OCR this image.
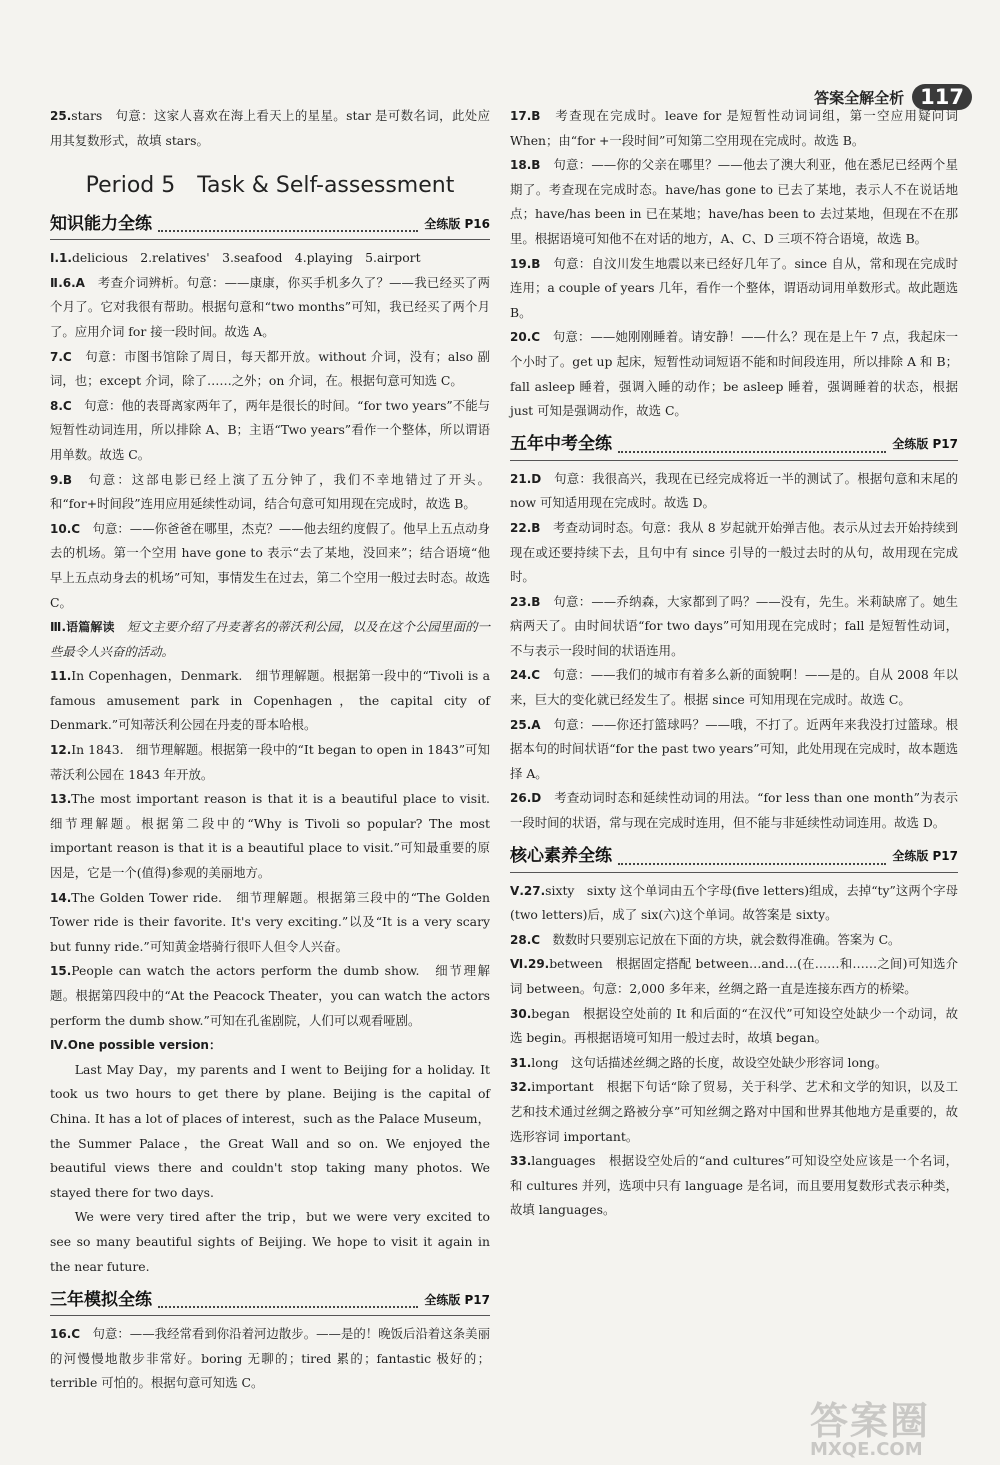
答案全解全析 117

25.stars　句意：这家人喜欢在海上看天上的星星。star 是可数名词，此处应用其复数形式，故填 stars。

Period 5　Task & Self-assessment
知识能力全练	全练版 P16

Ⅰ.1.delicious　2.relatives'　3.seafood　4.playing　5.airport

Ⅱ.6.A　考查介词辨析。句意：——康康，你买手机多久了？——我已经买了两个月了。它对我很有帮助。根据句意和“two months”可知，我已经买了两个月了。应用介词 for 接一段时间。故选 A。

7.C　句意：市图书馆除了周日，每天都开放。without 介词，没有；also 副词，也；except 介词，除了……之外；on 介词，在。根据句意可知选 C。

8.C　句意：他的表哥离家两年了，两年是很长的时间。“for two years”不能与短暂性动词连用，所以排除 A、B；主语“Two years”看作一个整体，所以谓语用单数。故选 C。

9.B　句意：这部电影已经上演了五分钟了，我们不幸地错过了开头。和“for+时间段”连用应用延续性动词，结合句意可知用现在完成时，故选 B。

10.C　句意：——你爸爸在哪里，杰克？——他去纽约度假了。他早上五点动身去的机场。第一个空用 have gone to 表示“去了某地，没回来”；结合语境“他早上五点动身去的机场”可知，事情发生在过去，第二个空用一般过去时态。故选 C。

Ⅲ.语篇解读　短文主要介绍了丹麦著名的蒂沃利公园，以及在这个公园里面的一些最令人兴奋的活动。

11.In Copenhagen，Denmark.　细节理解题。根据第一段中的“Tivoli is a famous amusement park in Copenhagen，the capital city of Denmark.”可知蒂沃利公园在丹麦的哥本哈根。

12.In 1843.　细节理解题。根据第一段中的“It began to open in 1843”可知蒂沃利公园在 1843 年开放。

13.The most important reason is that it is a beautiful place to visit.　细节理解题。根据第二段中的“Why is Tivoli so popular? The most important reason is that it is a beautiful place to visit.”可知最重要的原因是，它是一个(值得)参观的美丽地方。

14.The Golden Tower ride.　细节理解题。根据第三段中的“The Golden Tower ride is their favorite. It's very exciting.”以及“It is a very scary but funny ride.”可知黄金塔骑行很吓人但令人兴奋。

15.People can watch the actors perform the dumb show.　细节理解题。根据第四段中的“At the Peacock Theater，you can watch the actors perform the dumb show.”可知在孔雀剧院，人们可以观看哑剧。

Ⅳ.One possible version：

Last May Day，my parents and I went to Beijing for a holiday. It took us two hours to get there by plane. Beijing is the capital of China. It has a lot of places of interest，such as the Palace Museum，the Summer Palace，the Great Wall and so on. We enjoyed the beautiful views there and couldn't stop taking many photos. We stayed there for two days.

We were very tired after the trip，but we were very excited to see so many beautiful sights of Beijing. We hope to visit it again in the near future.

三年模拟全练	全练版 P17

16.C　句意：——我经常看到你沿着河边散步。——是的！晚饭后沿着这条美丽的河慢慢地散步非常好。boring 无聊的；tired 累的；fantastic 极好的；terrible 可怕的。根据句意可知选 C。

17.B　考查现在完成时。leave for 是短暂性动词词组，第一空应用疑问词 When；由“for +一段时间”可知第二空用现在完成时。故选 B。

18.B　句意：——你的父亲在哪里？——他去了澳大利亚，他在悉尼已经两个星期了。考查现在完成时态。have/has gone to 已去了某地，表示人不在说话地点；have/has been in 已在某地；have/has been to 去过某地，但现在不在那里。根据语境可知他不在对话的地方，A、C、D 三项不符合语境，故选 B。

19.B　句意：自汶川发生地震以来已经好几年了。since 自从，常和现在完成时连用；a couple of years 几年，看作一个整体，谓语动词用单数形式。故此题选 B。

20.C　句意：——她刚刚睡着。请安静！——什么？现在是上午 7 点，我起床一个小时了。get up 起床，短暂性动词短语不能和时间段连用，所以排除 A 和 B；fall asleep 睡着，强调入睡的动作；be asleep 睡着，强调睡着的状态，根据 just 可知是强调动作，故选 C。

五年中考全练	全练版 P17

21.D　句意：我很高兴，我现在已经完成将近一半的测试了。根据句意和末尾的 now 可知适用现在完成时。故选 D。

22.B　考查动词时态。句意：我从 8 岁起就开始弹吉他。表示从过去开始持续到现在或还要持续下去，且句中有 since 引导的一般过去时的从句，故用现在完成时。

23.B　句意：——乔纳森，大家都到了吗？——没有，先生。米莉缺席了。她生病两天了。由时间状语“for two days”可知用现在完成时；fall 是短暂性动词，不与表示一段时间的状语连用。

24.C　句意：——我们的城市有着多么新的面貌啊！——是的。自从 2008 年以来，巨大的变化就已经发生了。根据 since 可知用现在完成时。故选 C。

25.A　句意：——你还打篮球吗？——哦，不打了。近两年来我没打过篮球。根据本句的时间状语“for the past two years”可知，此处用现在完成时，故本题选择 A。

26.D　考查动词时态和延续性动词的用法。“for less than one month”为表示一段时间的状语，常与现在完成时连用，但不能与非延续性动词连用。故选 D。

核心素养全练	全练版 P17

Ⅴ.27.sixty　sixty 这个单词由五个字母(five letters)组成，去掉“ty”这两个字母(two letters)后，成了 six(六)这个单词。故答案是 sixty。

28.C　数数时只要别忘记放在下面的方块，就会数得准确。答案为 C。

Ⅵ.29.between　根据固定搭配 between…and…(在……和……之间)可知选介词 between。句意：2,000 多年来，丝绸之路一直是连接东西方的桥梁。

30.began　根据设空处前的 It 和后面的“在汉代”可知设空处缺少一个动词，故选 begin。再根据语境可知用一般过去时，故填 began。

31.long　这句话描述丝绸之路的长度，故设空处缺少形容词 long。

32.important　根据下句话“除了贸易，关于科学、艺术和文学的知识，以及工艺和技术通过丝绸之路被分享”可知丝绸之路对中国和世界其他地方是重要的，故选形容词 important。

33.languages　根据设空处后的“and cultures”可知设空处应该是一个名词，和 cultures 并列，选项中只有 language 是名词，而且要用复数形式表示种类，故填 languages。

答案圈
MXQE.COM
